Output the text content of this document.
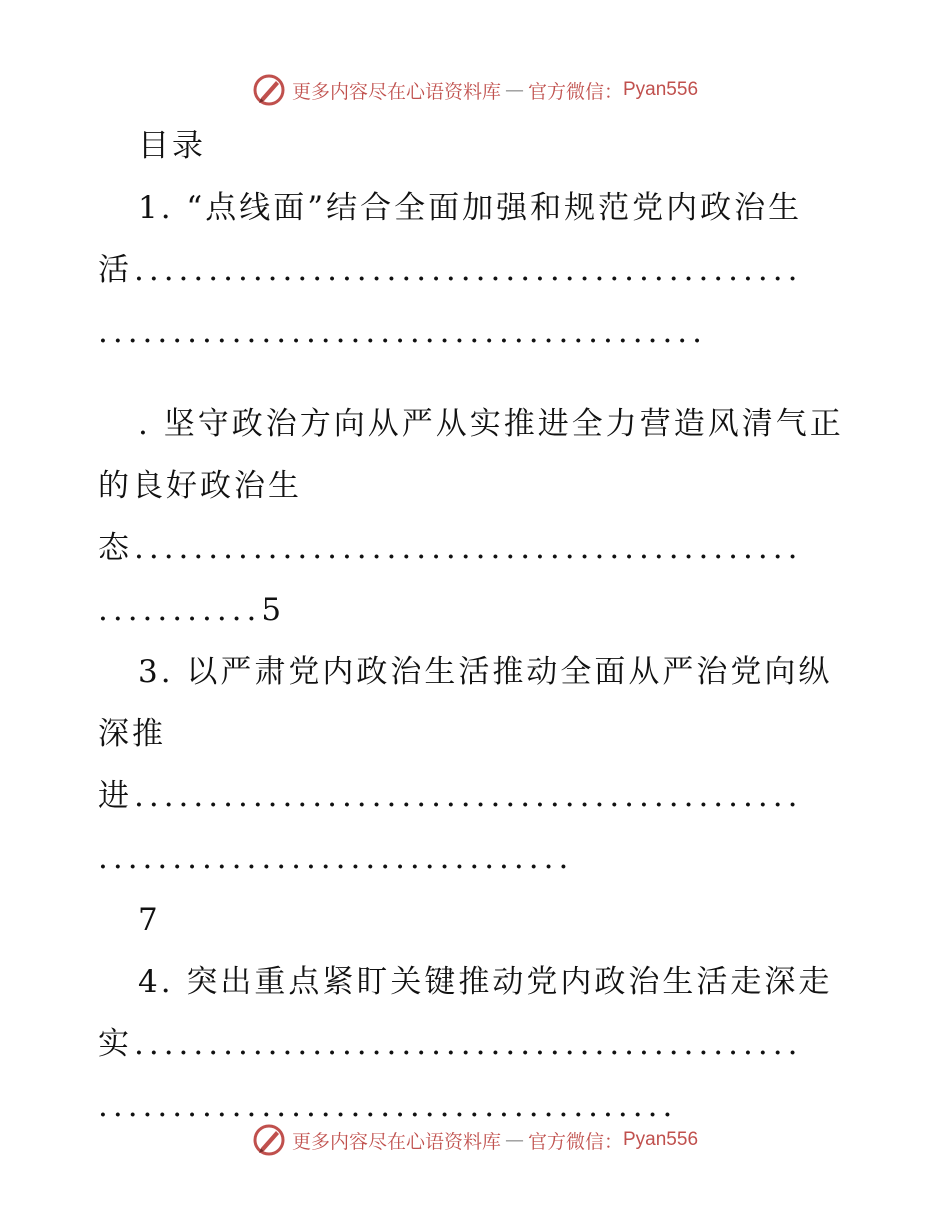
更多内容尽在心语资料库 — 官方微信： Pyan556
目录
1. “点线面”结合全面加强和规范党内政治生
活.............................................
.........................................
. 坚守政治方向从严从实推进全力营造风清气正
的良好政治生
态.............................................
...........5
3. 以严肃党内政治生活推动全面从严治党向纵
深推
进.............................................
................................
7
4. 突出重点紧盯关键推动党内政治生活走深走
实.............................................
.......................................
更多内容尽在心语资料库 — 官方微信： Pyan556
